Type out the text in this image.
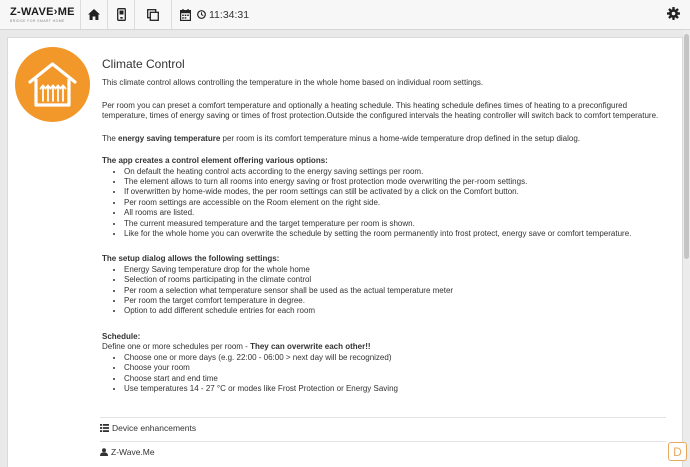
Z-WAVE›ME
BRIDGE FOR SMART HOME
11:34:31
Climate Control
This climate control allows controlling the temperature in the whole home based on individual room settings.
Per room you can preset a comfort temperature and optionally a heating schedule. This heating schedule defines times of heating to a preconfigured temperature, times of energy saving or times of frost protection.Outside the configured intervals the heating controller will switch back to comfort temperature.
The energy saving temperature per room is its comfort temperature minus a home-wide temperature drop defined in the setup dialog.
The app creates a control element offering various options:
• On default the heating control acts according to the energy saving settings per room.
• The element allows to turn all rooms into energy saving or frost protection mode overwriting the per-room settings.
• If overwritten by home-wide modes, the per room settings can still be activated by a click on the Comfort button.
• Per room settings are accessible on the Room element on the right side.
• All rooms are listed.
• The current measured temperature and the target temperature per room is shown.
• Like for the whole home you can overwrite the schedule by setting the room permanently into frost protect, energy save or comfort temperature.
The setup dialog allows the following settings:
• Energy Saving temperature drop for the whole home
• Selection of rooms participating in the climate control
• Per room a selection what temperature sensor shall be used as the actual temperature meter
• Per room the target comfort temperature in degree.
• Option to add different schedule entries for each room
Schedule:
Define one or more schedules per room - They can overwrite each other!!
• Choose one or more days (e.g. 22:00 - 06:00 > next day will be recognized)
• Choose your room
• Choose start and end time
• Use temperatures 14 - 27 °C or modes like Frost Protection or Energy Saving
Device enhancements
Z-Wave.Me	D
